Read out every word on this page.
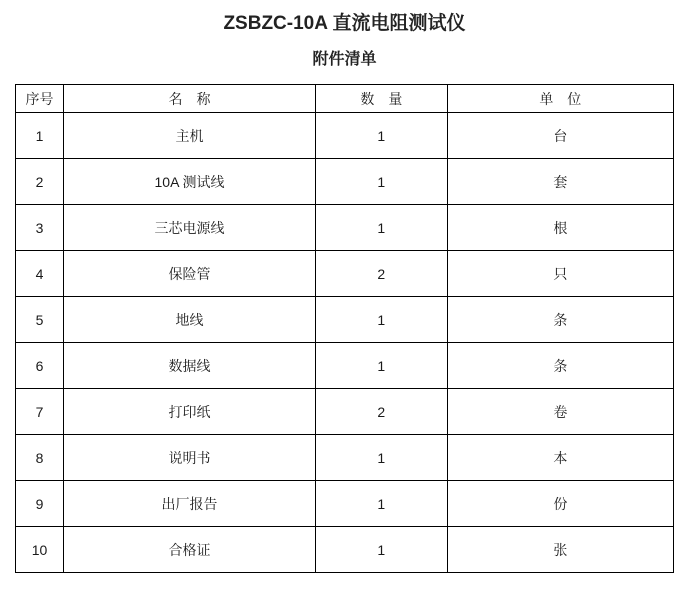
ZSBZC-10A 直流电阻测试仪
附件清单
序号	名　称	数　量	单　位
1	主机	1	台
2	10A 测试线	1	套
3	三芯电源线	1	根
4	保险管	2	只
5	地线	1	条
6	数据线	1	条
7	打印纸	2	卷
8	说明书	1	本
9	出厂报告	1	份
10	合格证	1	张
